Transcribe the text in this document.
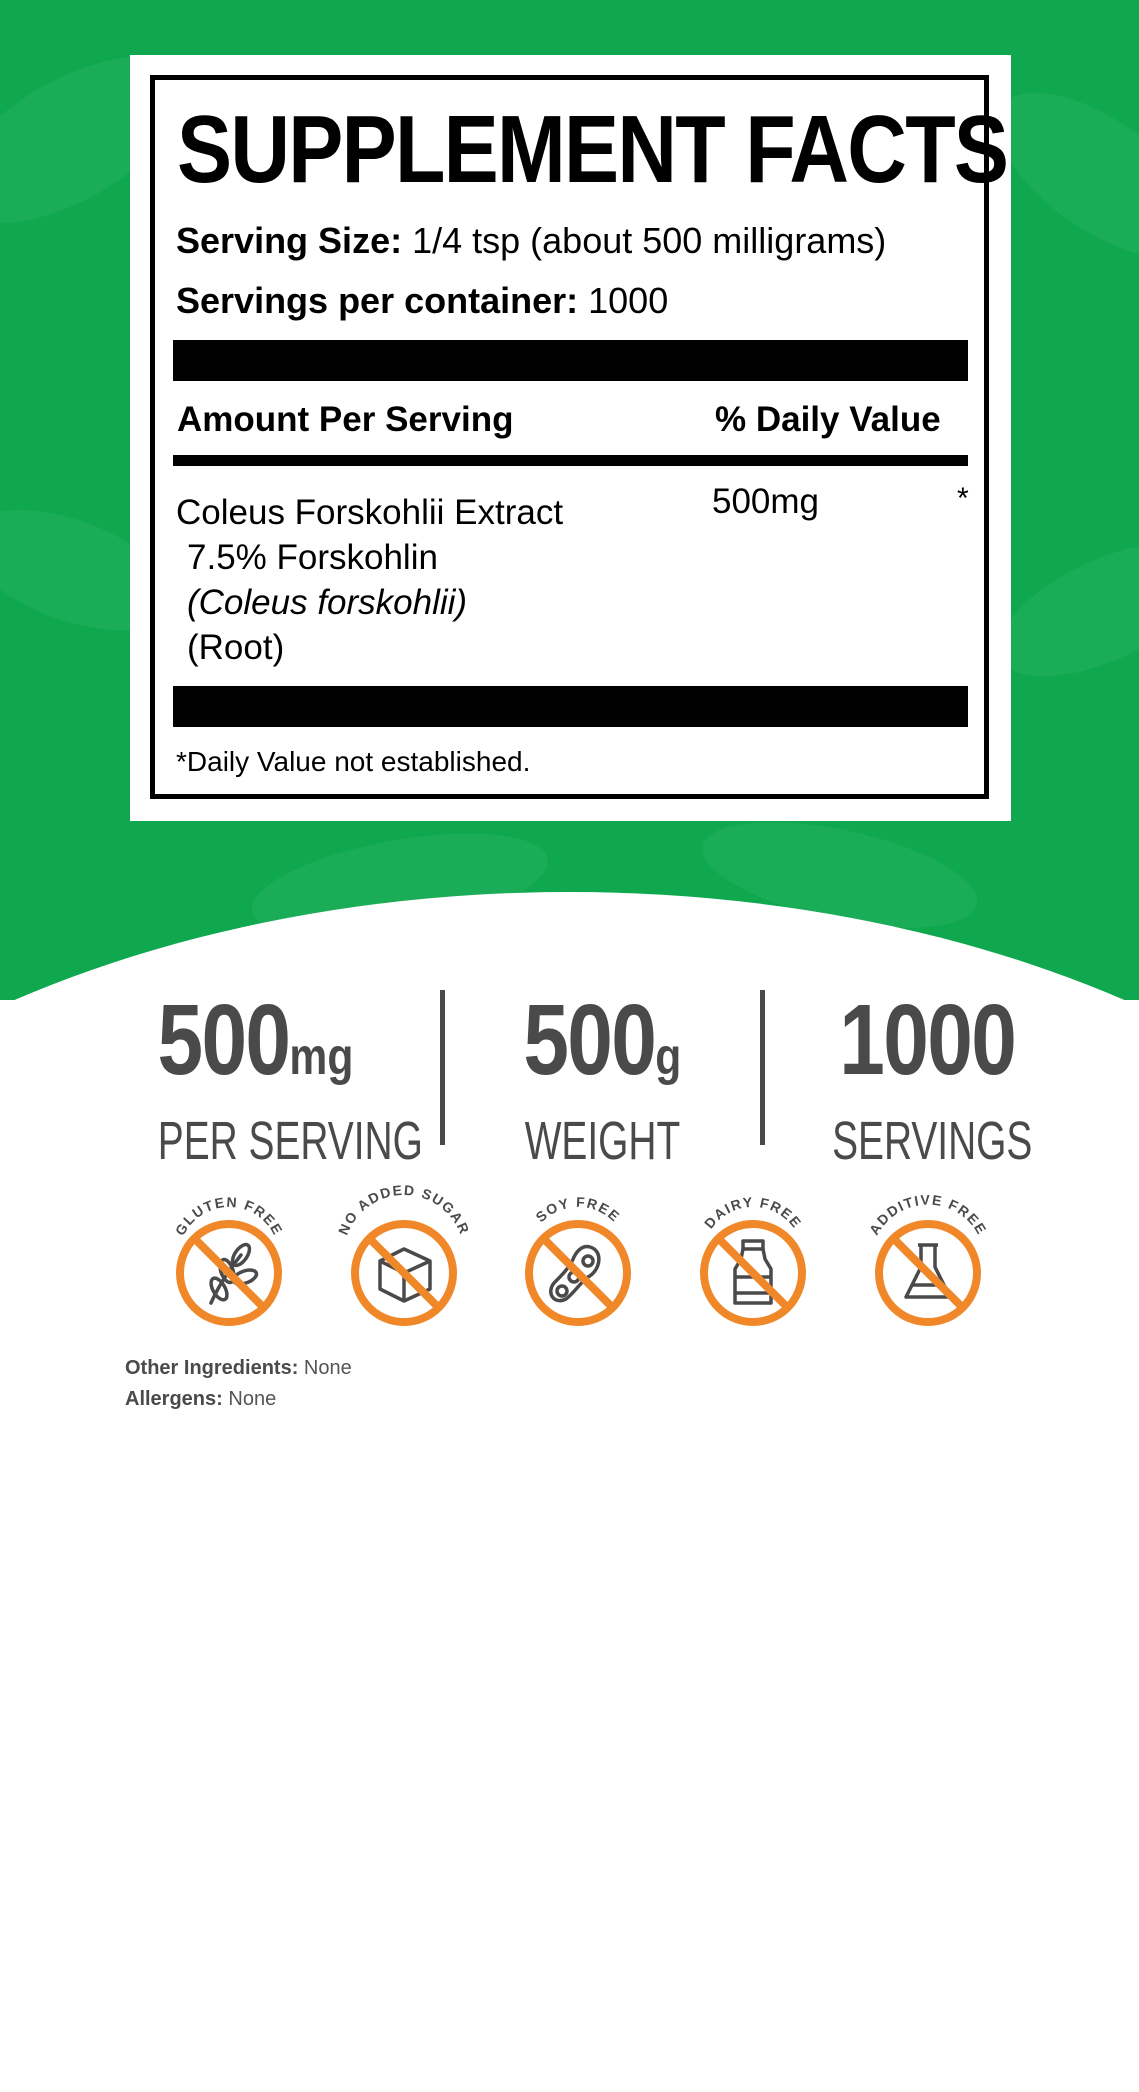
SUPPLEMENT FACTS
Serving Size: 1/4 tsp (about 500 milligrams)
Servings per container: 1000
Amount Per Serving	% Daily Value
Coleus Forskohlii Extract
7.5% Forskohlin
(Coleus forskohlii)
(Root)
500mg	*
*Daily Value not established.
500mg
PER SERVING
500g
WEIGHT
1000
SERVINGS
GLUTEN FREE	NO ADDED SUGAR
SOY FREE	DAIRY FREE	ADDITIVE FREE
Other Ingredients: None
Allergens: None
